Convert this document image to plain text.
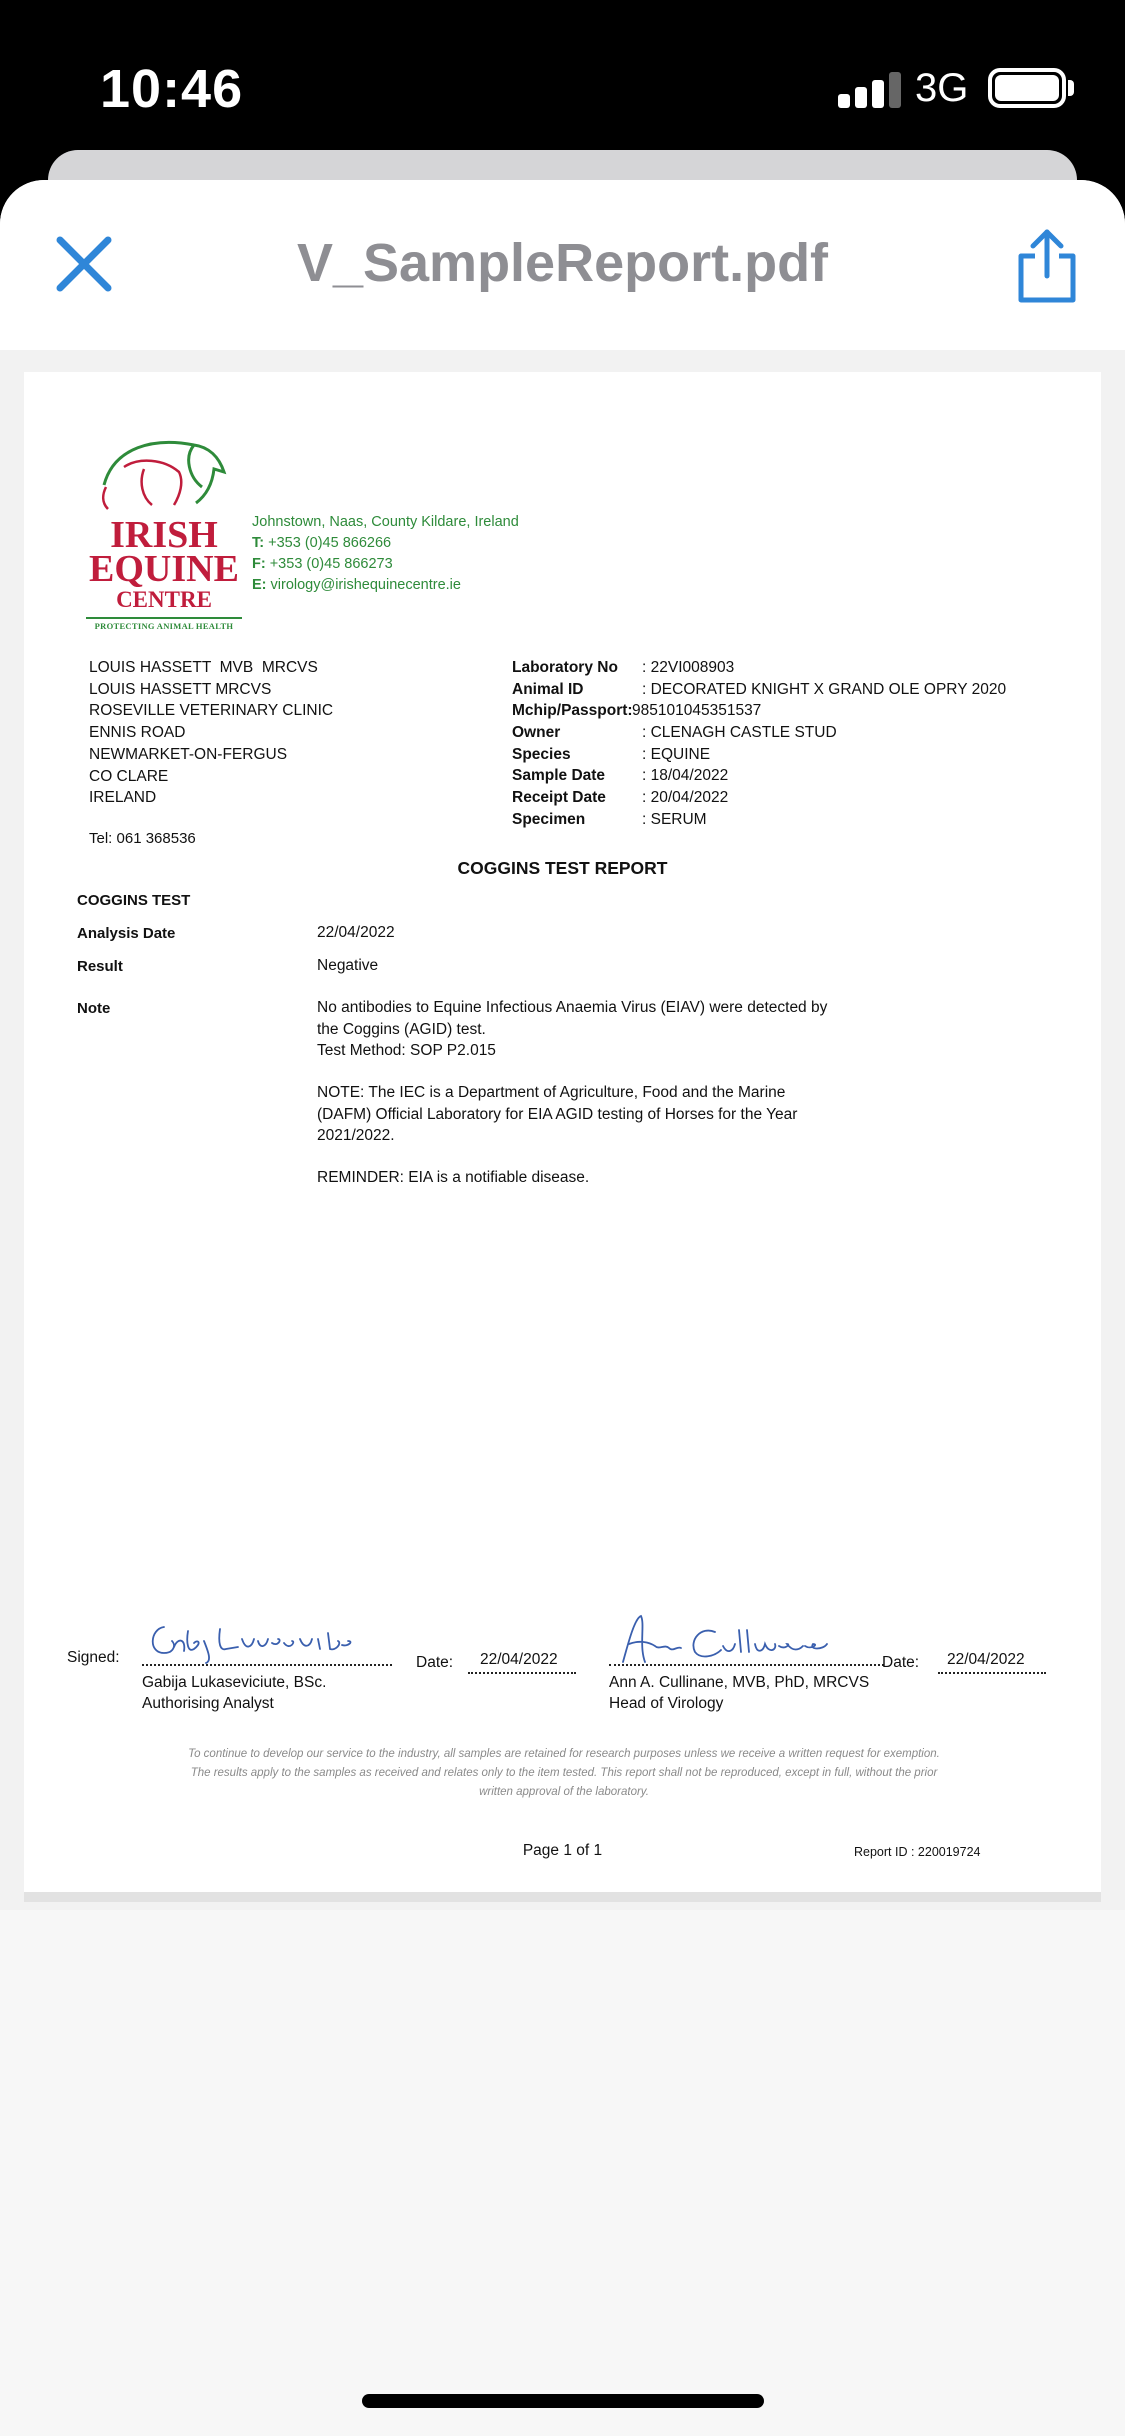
10:46	3G
V_SampleReport.pdf
IRISH
EQUINE
CENTRE
PROTECTING ANIMAL HEALTH
Johnstown, Naas, County Kildare, Ireland
T: +353 (0)45 866266
F: +353 (0)45 866273
E: virology@irishequinecentre.ie
LOUIS HASSETT  MVB  MRCVS
LOUIS HASSETT MRCVS
ROSEVILLE VETERINARY CLINIC
ENNIS ROAD
NEWMARKET-ON-FERGUS
CO CLARE
IRELAND
Tel: 061 368536
Laboratory No	: 22VI008903
Animal ID	: DECORATED KNIGHT X GRAND OLE OPRY 2020
Mchip/Passport: 985101045351537
Owner	: CLENAGH CASTLE STUD
Species	: EQUINE
Sample Date	: 18/04/2022
Receipt Date	: 20/04/2022
Specimen	: SERUM
COGGINS TEST REPORT
COGGINS TEST
Analysis Date	22/04/2022
Result	Negative
Note	No antibodies to Equine Infectious Anaemia Virus (EIAV) were detected by
the Coggins (AGID) test.
Test Method: SOP P2.015
NOTE: The IEC is a Department of Agriculture, Food and the Marine
(DAFM) Official Laboratory for EIA AGID testing of Horses for the Year
2021/2022.
REMINDER: EIA is a notifiable disease.
Signed:
Gabija Lukaseviciute, BSc.
Authorising Analyst
Date: 22/04/2022
Ann A. Cullinane, MVB, PhD, MRCVS
Head of Virology
Date: 22/04/2022
To continue to develop our service to the industry, all samples are retained for research purposes unless we receive a written request for exemption.
The results apply to the samples as received and relates only to the item tested. This report shall not be reproduced, except in full, without the prior
written approval of the laboratory.
Page 1 of 1	Report ID : 220019724
